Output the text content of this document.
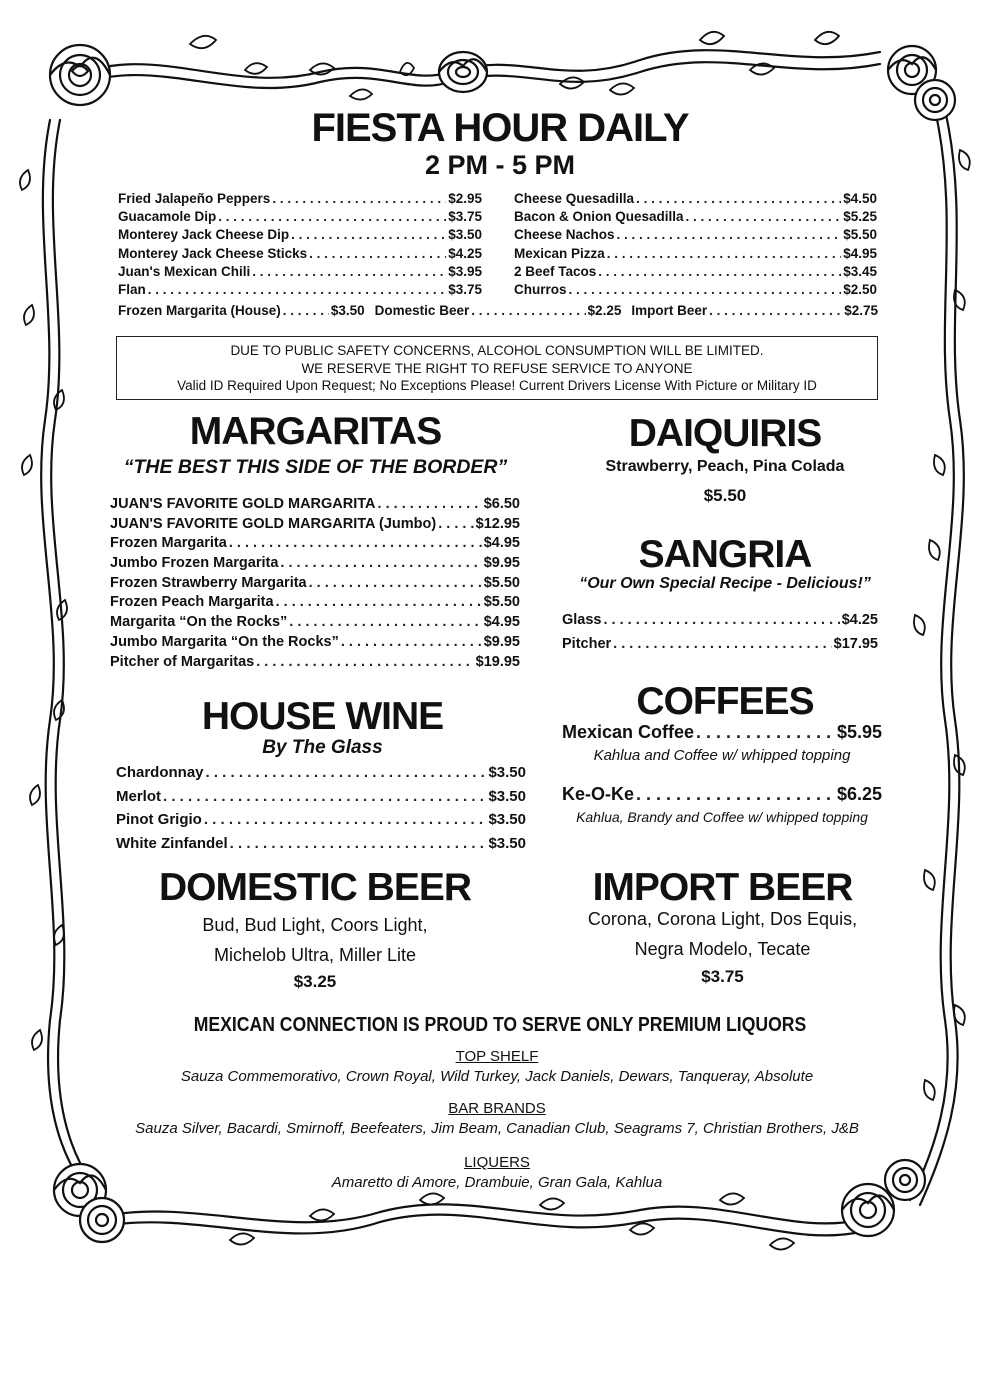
FIESTA HOUR DAILY
2 PM - 5 PM
Fried Jalapeño Peppers . . .	$2.95
Guacamole Dip . . .	$3.75
Monterey Jack Cheese Dip . . .	$3.50
Monterey Jack Cheese Sticks . . .	$4.25
Juan's Mexican Chili . . .	$3.95
Flan . . .	$3.75
Cheese Quesadilla . . .	$4.50
Bacon & Onion Quesadilla . . .	$5.25
Cheese Nachos . . .	$5.50
Mexican Pizza . . .	$4.95
2 Beef Tacos . . .	$3.45
Churros . . .	$2.50
Frozen Margarita (House) . . .	$3.50 Domestic Beer . . .	$2.25 Import Beer . . .	$2.75
DUE TO PUBLIC SAFETY CONCERNS, ALCOHOL CONSUMPTION WILL BE LIMITED.
WE RESERVE THE RIGHT TO REFUSE SERVICE TO ANYONE
Valid ID Required Upon Request; No Exceptions Please! Current Drivers License With Picture or Military ID
MARGARITAS
“THE BEST THIS SIDE OF THE BORDER”
JUAN'S FAVORITE GOLD MARGARITA . . .	$6.50
JUAN'S FAVORITE GOLD MARGARITA (Jumbo) . . .	$12.95
Frozen Margarita . . .	$4.95
Jumbo Frozen Margarita . . .	$9.95
Frozen Strawberry Margarita . . .	$5.50
Frozen Peach Margarita . . .	$5.50
Margarita “On the Rocks” . . .	$4.95
Jumbo Margarita “On the Rocks” . . .	$9.95
Pitcher of Margaritas . . .	$19.95
DAIQUIRIS
Strawberry, Peach, Pina Colada
$5.50
SANGRIA
“Our Own Special Recipe - Delicious!”
Glass . . .	$4.25
Pitcher . . .	$17.95
HOUSE WINE
By The Glass
Chardonnay . . .	$3.50
Merlot . . .	$3.50
Pinot Grigio . . .	$3.50
White Zinfandel . . .	$3.50
COFFEES
Mexican Coffee . . .	$5.95
Kahlua and Coffee w/ whipped topping
Ke-O-Ke . . .	$6.25
Kahlua, Brandy and Coffee w/ whipped topping
DOMESTIC BEER
Bud, Bud Light, Coors Light,
Michelob Ultra, Miller Lite
$3.25
IMPORT BEER
Corona, Corona Light, Dos Equis,
Negra Modelo, Tecate
$3.75
MEXICAN CONNECTION IS PROUD TO SERVE ONLY PREMIUM LIQUORS
TOP SHELF
Sauza Commemorativo, Crown Royal, Wild Turkey, Jack Daniels, Dewars, Tanqueray, Absolute
BAR BRANDS
Sauza Silver, Bacardi, Smirnoff, Beefeaters, Jim Beam, Canadian Club, Seagrams 7, Christian Brothers, J&B
LIQUERS
Amaretto di Amore, Drambuie, Gran Gala, Kahlua
